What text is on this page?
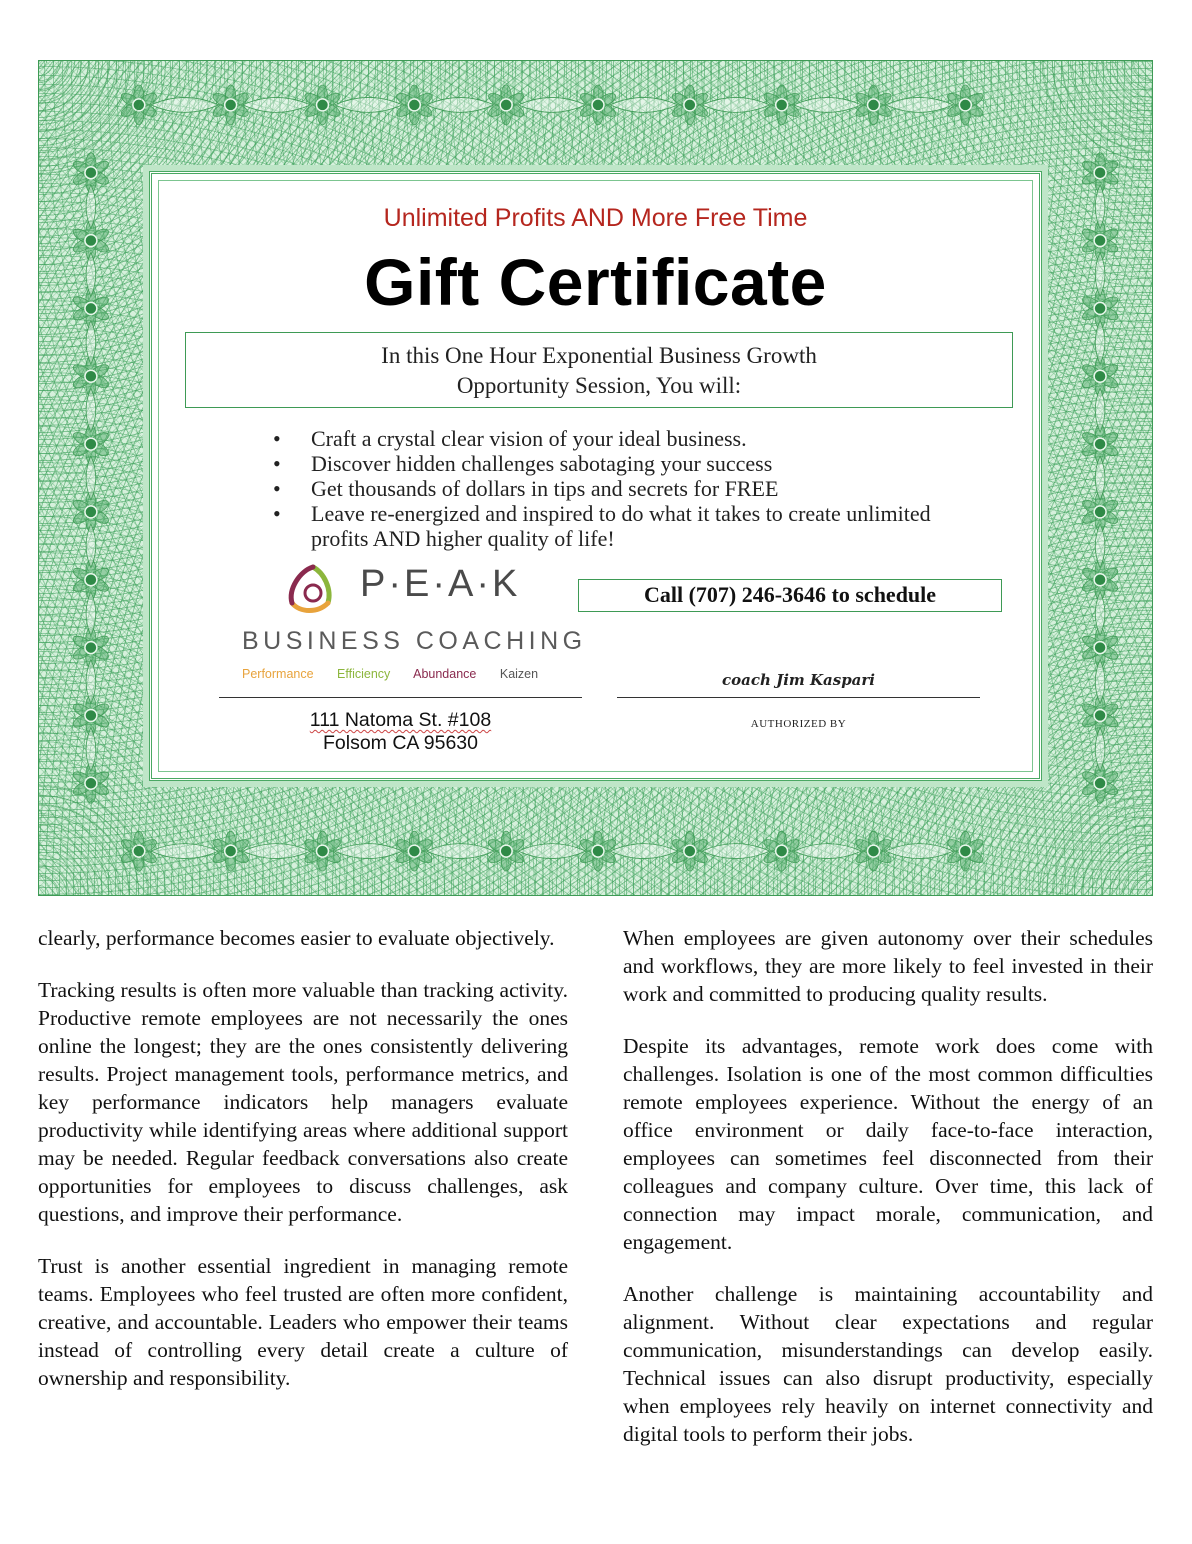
Unlimited Profits AND More Free Time
Gift Certificate
In this One Hour Exponential Business Growth
Opportunity Session, You will:
• Craft a crystal clear vision of your ideal business.
• Discover hidden challenges sabotaging your success
• Get thousands of dollars in tips and secrets for FREE
• Leave re-energized and inspired to do what it takes to create unlimited profits AND higher quality of life!
P·E·A·K
BUSINESS COACHING
Performance Efficiency Abundance Kaizen
111 Natoma St. #108
Folsom CA 95630
Call (707) 246-3646 to schedule
coach Jim Kaspari
AUTHORIZED BY

clearly, performance becomes easier to evaluate objectively.

Tracking results is often more valuable than tracking activity. Productive remote employees are not necessarily the ones online the longest; they are the ones consistently delivering results. Project management tools, performance metrics, and key performance indicators help managers evaluate productivity while identifying areas where additional support may be needed. Regular feedback conversations also create opportunities for employees to discuss challenges, ask questions, and improve their performance.

Trust is another essential ingredient in managing remote teams. Employees who feel trusted are often more confident, creative, and accountable. Leaders who empower their teams instead of controlling every detail create a culture of ownership and responsibility.

When employees are given autonomy over their schedules and workflows, they are more likely to feel invested in their work and committed to producing quality results.

Despite its advantages, remote work does come with challenges. Isolation is one of the most common difficulties remote employees experience. Without the energy of an office environment or daily face-to-face interaction, employees can sometimes feel disconnected from their colleagues and company culture. Over time, this lack of connection may impact morale, communication, and engagement.

Another challenge is maintaining accountability and alignment. Without clear expectations and regular communication, misunderstandings can develop easily. Technical issues can also disrupt productivity, especially when employees rely heavily on internet connectivity and digital tools to perform their jobs.
